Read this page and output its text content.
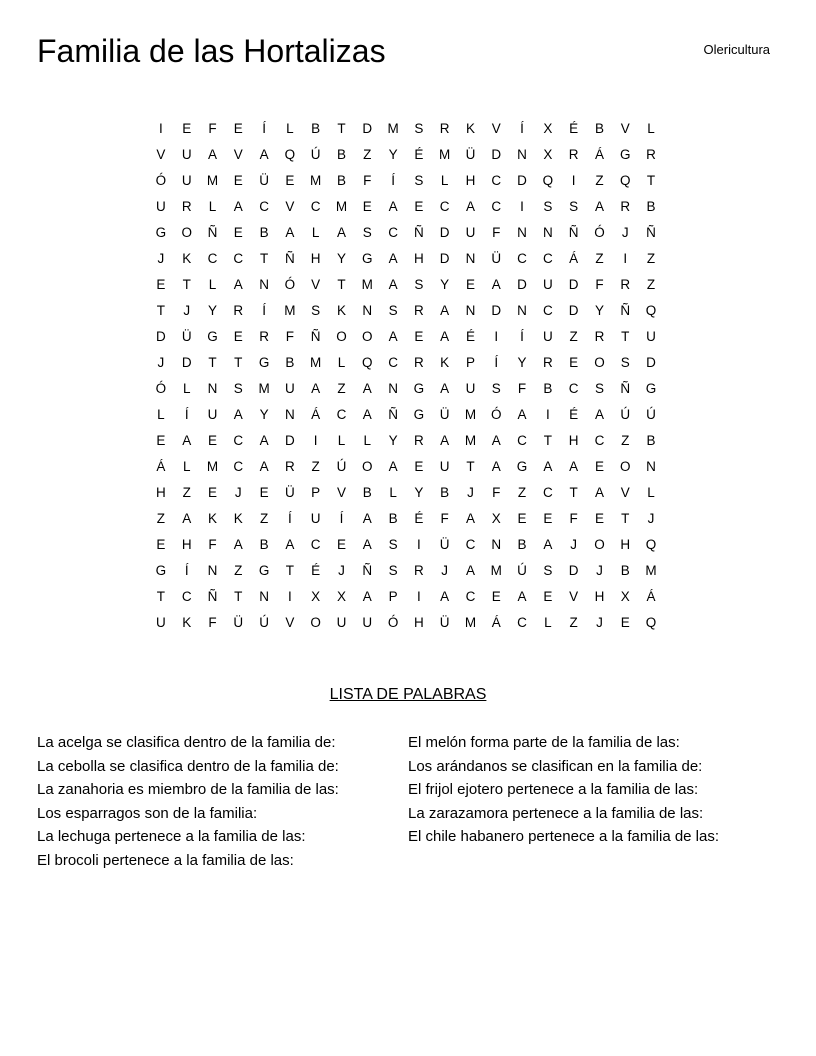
Familia de las Hortalizas	Olericultura
I	E	F	E	Í	L	B	T	D	M	S	R	K	V	Í	X	É	B	V	L
V	U	A	V	A	Q	Ú	B	Z	Y	É	M	Ü	D	N	X	R	Á	G	R
Ó	U	M	E	Ü	E	M	B	F	Í	S	L	H	C	D	Q	I	Z	Q	T
U	R	L	A	C	V	C	M	E	A	E	C	A	C	I	S	S	A	R	B
G	O	Ñ	E	B	A	L	A	S	C	Ñ	D	U	F	N	N	Ñ	Ó	J	Ñ
J	K	C	C	T	Ñ	H	Y	G	A	H	D	N	Ü	C	C	Á	Z	I	Z
E	T	L	A	N	Ó	V	T	M	A	S	Y	E	A	D	U	D	F	R	Z
T	J	Y	R	Í	M	S	K	N	S	R	A	N	D	N	C	D	Y	Ñ	Q
D	Ü	G	E	R	F	Ñ	O	O	A	E	A	É	I	Í	U	Z	R	T	U
J	D	T	T	G	B	M	L	Q	C	R	K	P	Í	Y	R	E	O	S	D
Ó	L	N	S	M	U	A	Z	A	N	G	A	U	S	F	B	C	S	Ñ	G
L	Í	U	A	Y	N	Á	C	A	Ñ	G	Ü	M	Ó	A	I	É	A	Ú	Ú
E	A	E	C	A	D	I	L	L	Y	R	A	M	A	C	T	H	C	Z	B
Á	L	M	C	A	R	Z	Ú	O	A	E	U	T	A	G	A	A	E	O	N
H	Z	E	J	E	Ü	P	V	B	L	Y	B	J	F	Z	C	T	A	V	L
Z	A	K	K	Z	Í	U	Í	A	B	É	F	A	X	E	E	F	E	T	J
E	H	F	A	B	A	C	E	A	S	I	Ü	C	N	B	A	J	O	H	Q
G	Í	N	Z	G	T	É	J	Ñ	S	R	J	A	M	Ú	S	D	J	B	M
T	C	Ñ	T	N	I	X	X	A	P	I	A	C	E	A	E	V	H	X	Á
U	K	F	Ü	Ú	V	O	U	U	Ó	H	Ü	M	Á	C	L	Z	J	E	Q
LISTA DE PALABRAS
La acelga se clasifica dentro de la familia de:
La cebolla se clasifica dentro de la familia de:
La zanahoria es miembro de la familia de las:
Los esparragos son de la familia:
La lechuga pertenece a la familia de las:
El brocoli pertenece a la familia de las:
El melón forma parte de la familia de las:
Los arándanos se clasifican en la familia de:
El frijol ejotero pertenece a la familia de las:
La zarazamora pertenece a la familia de las:
El chile habanero pertenece a la familia de las:
